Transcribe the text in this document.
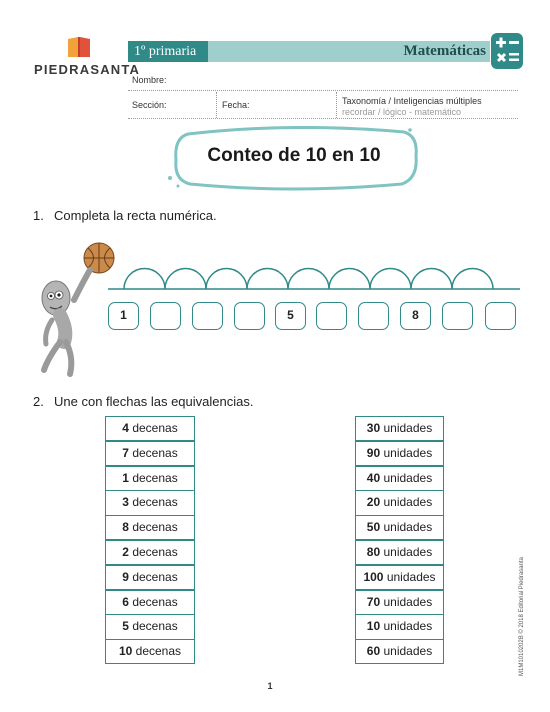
PIEDRASANTA
1º primaria	Matemáticas
Nombre:
Sección:	Fecha:	Taxonomía / Inteligencias múltiples
recordar / lógico - matemático
Conteo de 10 en 10
1. Completa la recta numérica.
1	5	8
2. Une con flechas las equivalencias.
4 decenas
7 decenas
1 decenas
3 decenas
8 decenas
2 decenas
9 decenas
6 decenas
5 decenas
10 decenas
30 unidades
90 unidades
40 unidades
20 unidades
50 unidades
80 unidades
100 unidades
70 unidades
10 unidades
60 unidades	M1M1010202B © 2018 Editorial Piedrasanta
1
